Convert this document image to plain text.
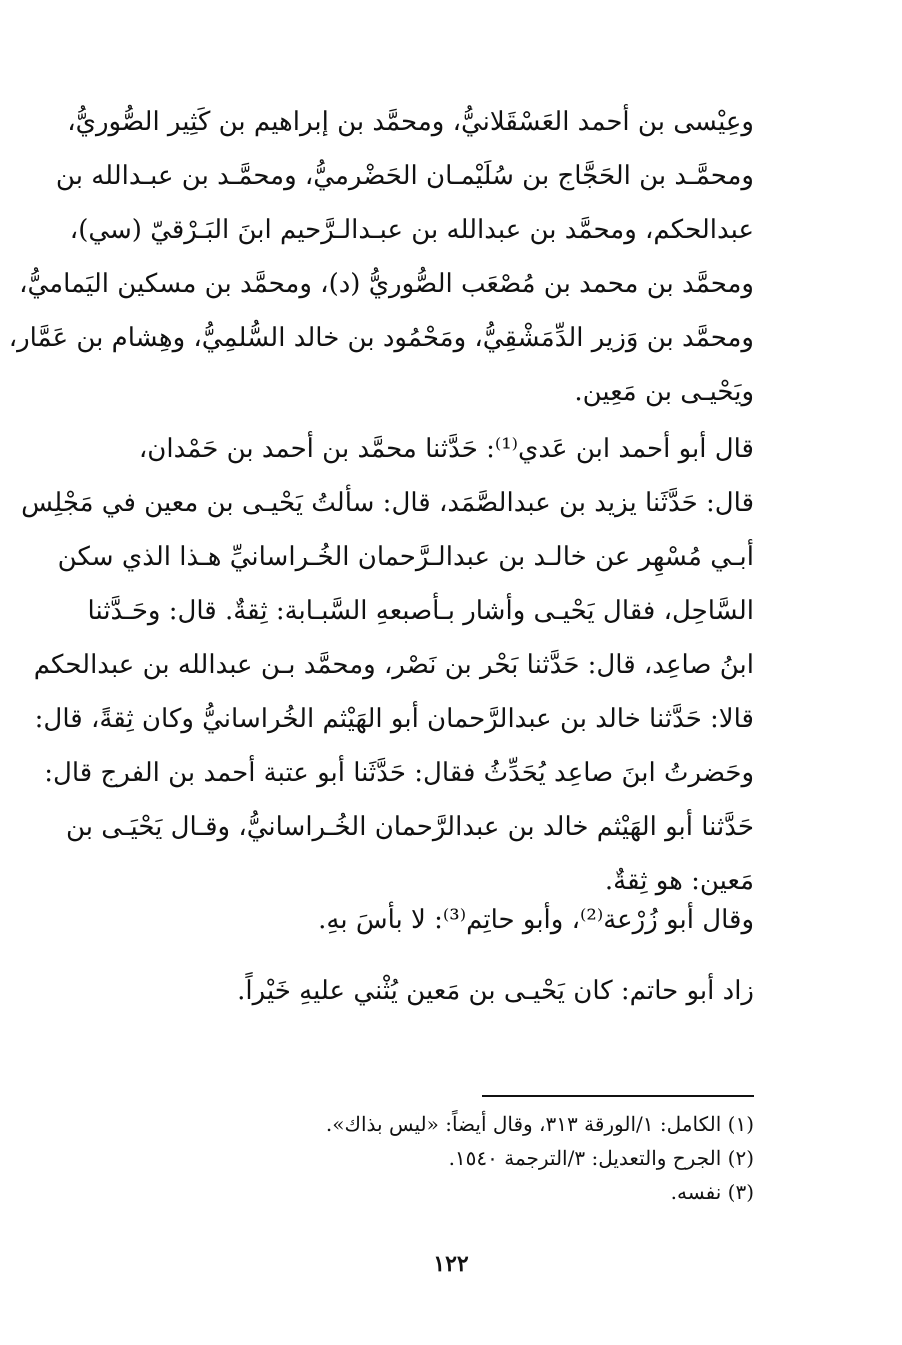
وعِيْسى بن أحمد العَسْقَلانيُّ، ومحمَّد بن إبراهيم بن كَثِير الصُّوريُّ،
ومحمَّـد بن الحَجَّاج بن سُلَيْمـان الحَضْرميُّ، ومحمَّـد بن عبـدالله بن
عبدالحكم، ومحمَّد بن عبدالله بن عبـدالـرَّحيم ابنَ البَـرْقيّ (سي)،
ومحمَّد بن محمد بن مُصْعَب الصُّوريُّ (د)، ومحمَّد بن مسكين اليَماميُّ،
ومحمَّد بن وَزير الدِّمَشْقِيُّ، ومَحْمُود بن خالد السُّلمِيُّ، وهِشام بن عَمَّار،
ويَحْيـى بن مَعِين.
قال أبو أحمد ابن عَدي⁽¹⁾: حَدَّثنا محمَّد بن أحمد بن حَمْدان،
قال: حَدَّثَنا يزيد بن عبدالصَّمَد، قال: سألتُ يَحْيـى بن معين في مَجْلِس
أبـي مُسْهِر عن خالـد بن عبدالـرَّحمان الخُـراسانيِّ هـذا الذي سكن
السَّاحِل، فقال يَحْيـى وأشار بـأصبعهِ السَّبـابة: ثِقةٌ. قال: وحَـدَّثنا
ابنُ صاعِد، قال: حَدَّثنا بَحْر بن نَصْر، ومحمَّد بـن عبدالله بن عبدالحكم
قالا: حَدَّثنا خالد بن عبدالرَّحمان أبو الهَيْثم الخُراسانيُّ وكان ثِقةً، قال:
وحَضرتُ ابنَ صاعِد يُحَدِّثُ فقال: حَدَّثَنا أبو عتبة أحمد بن الفرج قال:
حَدَّثنا أبو الهَيْثم خالد بن عبدالرَّحمان الخُـراسانيُّ، وقـال يَحْيَـى بن
مَعين: هو ثِقةٌ.
وقال أبو زُرْعة⁽²⁾، وأبو حاتِم⁽³⁾: لا بأسَ بهِ.
زاد أبو حاتم: كان يَحْيـى بن مَعين يُثْني عليهِ خَيْراً.
(١) الكامل: ١/الورقة ٣١٣، وقال أيضاً: «ليس بذاك».
(٢) الجرح والتعديل: ٣/الترجمة ١٥٤٠.
(٣) نفسه.
١٢٢
